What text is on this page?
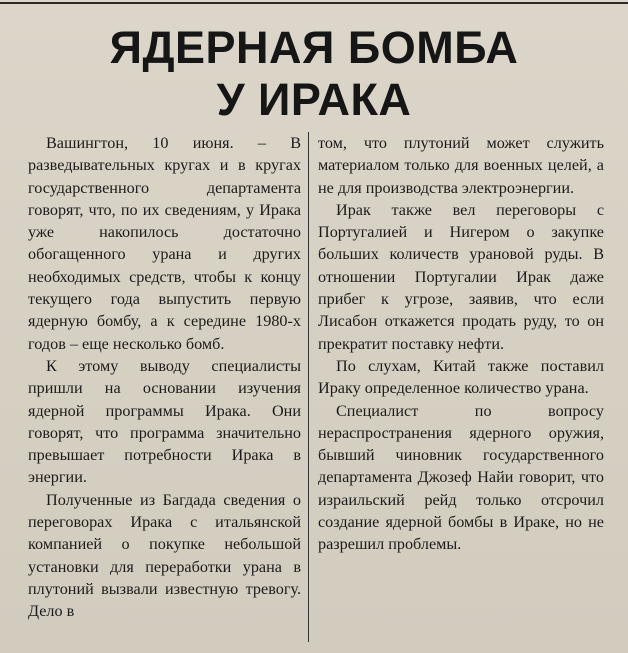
ЯДЕРНАЯ БОМБА
У ИРАКА

Вашингтон, 10 июня. – В разведывательных кругах и в кругах государственного департамента говорят, что, по их сведениям, у Ирака уже накопилось достаточно обогащенного урана и других необходимых средств, чтобы к концу текущего года выпустить первую ядерную бомбу, а к середине 1980-х годов – еще несколько бомб.

К этому выводу специалисты пришли на основании изучения ядерной программы Ирака. Они говорят, что программа значительно превышает потребности Ирака в энергии.

Полученные из Багдада сведения о переговорах Ирака с итальянской компанией о покупке небольшой установки для переработки урана в плутоний вызвали известную тревогу. Дело в

том, что плутоний может служить материалом только для военных целей, а не для производства электроэнергии.

Ирак также вел переговоры с Португалией и Нигером о закупке больших количеств урановой руды. В отношении Португалии Ирак даже прибег к угрозе, заявив, что если Лисабон откажется продать руду, то он прекратит поставку нефти.

По слухам, Китай также поставил Ираку определенное количество урана.

Специалист по вопросу нераспространения ядерного оружия, бывший чиновник государственного департамента Джозеф Найи говорит, что израильский рейд только отсрочил создание ядерной бомбы в Ираке, но не разрешил проблемы.
